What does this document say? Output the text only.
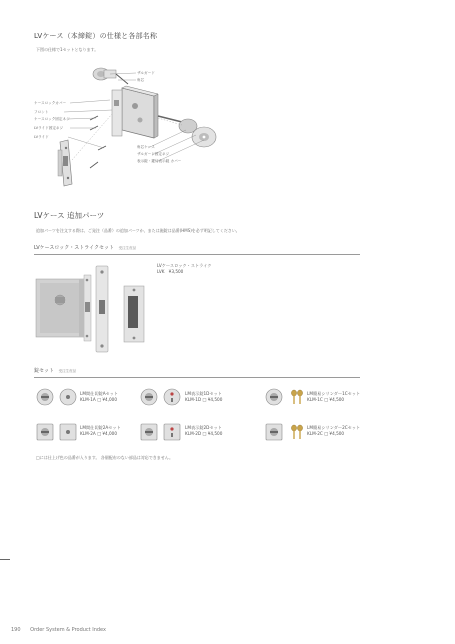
LVケース（本締錠）の仕様と各部名称
下図の仕様で1セットとなります。
ザルガード
角芯
ケースロックカバー
フロント
ケースロック固定ネジ
LVライド固定ネジ
LVライド
角芯ケース
ザルガード固定ネジ
表示錠・鍵付表示錠 カバー
LVケース 追加パーツ
追加パーツを注文する際は、ご発注（品番）の追加パーツか、または施錠は品番(HMS)を必ず明記してください。
LVケースロック・ストライクセット 受注生産品
LVケースロック・ストライク
LVK　¥3,500
錠セット 受注生産品
LM間仕切錠Aセット
KLM-1A □ ¥4,000
LM表示錠1Dセット
KLM-1D □ ¥4,500
LM簡易シリンダー1Cセット
KLM-1C □ ¥4,500
LM間仕切錠2Aセット
KLM-2A □ ¥4,000
LM表示錠2Dセット
KLM-2D □ ¥4,500
LM簡易シリンダー2Cセット
KLM-2C □ ¥4,500
□には仕上げ色の品番が入ります。 各個配布のない部品は対応できません。
190 Order System & Product Index
